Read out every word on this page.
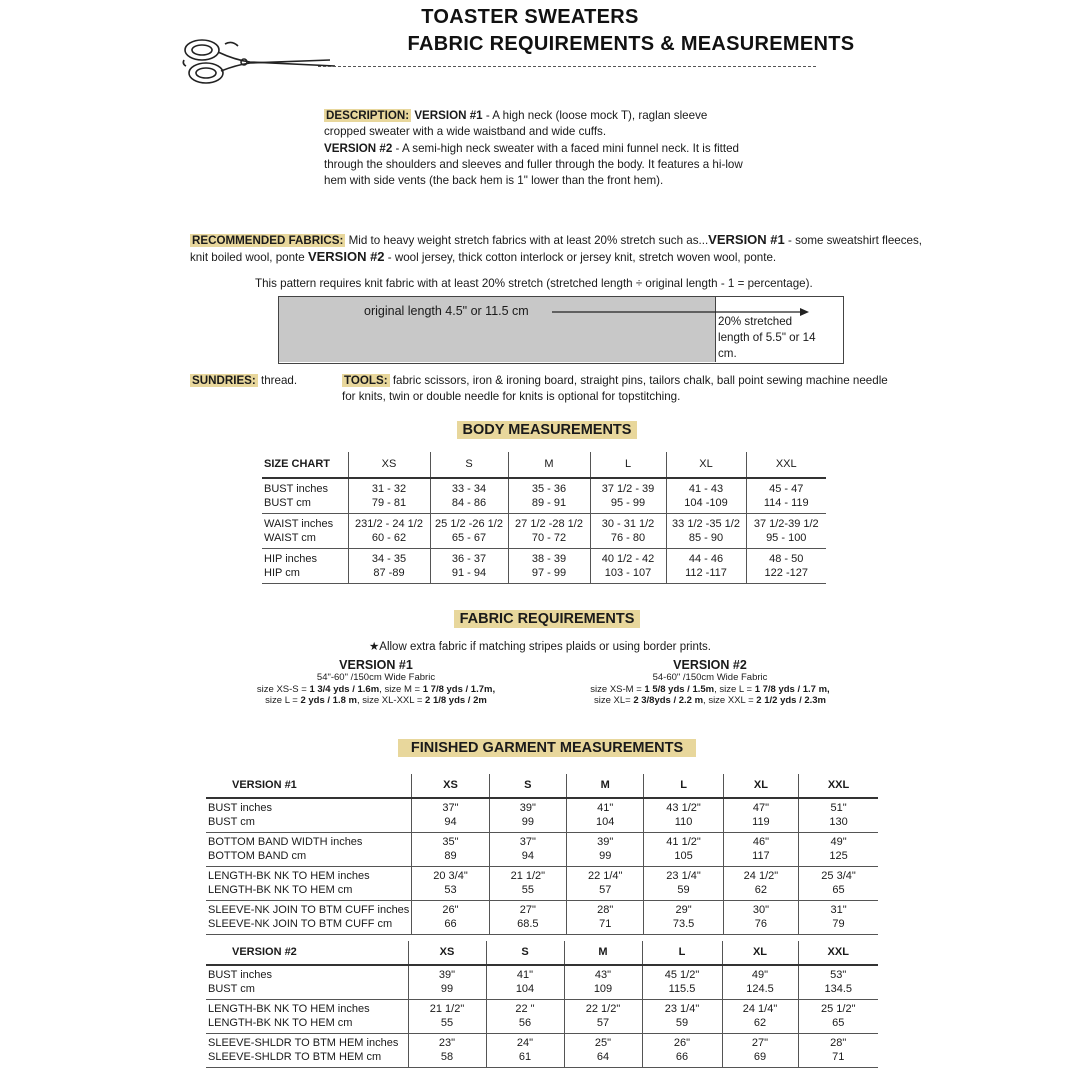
TOASTER SWEATERS
FABRIC REQUIREMENTS & MEASUREMENTS
DESCRIPTION: VERSION #1 - A high neck (loose mock T), raglan sleeve cropped sweater with a wide waistband and wide cuffs.
VERSION #2 - A semi-high neck sweater with a faced mini funnel neck. It is fitted through the shoulders and sleeves and fuller through the body. It features a hi-low hem with side vents (the back hem is 1" lower than the front hem).
RECOMMENDED FABRICS: Mid to heavy weight stretch fabrics with at least 20% stretch such as...VERSION #1 - some sweatshirt fleeces, knit boiled wool, ponte VERSION #2 - wool jersey, thick cotton interlock or jersey knit, stretch woven wool, ponte.
This pattern requires knit fabric with at least 20% stretch (stretched length ÷ original length - 1 = percentage).
original length 4.5" or 11.5 cm
20% stretched length of 5.5" or 14 cm.
SUNDRIES: thread.	TOOLS: fabric scissors, iron & ironing board, straight pins, tailors chalk, ball point sewing machine needle for knits, twin or double needle for knits is optional for topstitching.
BODY MEASUREMENTS
SIZE CHART	XS	S	M	L	XL	XXL
BUST inches	31 - 32	33 - 34	35 - 36	37 1/2 - 39	41 - 43	45 - 47
BUST cm	79 - 81	84 - 86	89 - 91	95 - 99	104 -109	114 - 119
WAIST inches	231/2 - 24 1/2	25 1/2 -26 1/2	27 1/2 -28 1/2	30 - 31 1/2	33 1/2 -35 1/2	37 1/2-39 1/2
WAIST cm	60 - 62	65 - 67	70 - 72	76 - 80	85 - 90	95 - 100
HIP inches	34 - 35	36 - 37	38 - 39	40 1/2 - 42	44 - 46	48 - 50
HIP cm	87 -89	91 - 94	97 - 99	103 - 107	112 -117	122 -127
FABRIC REQUIREMENTS
★Allow extra fabric if matching stripes plaids or using border prints.
VERSION #1
54"-60" /150cm Wide Fabric
size XS-S = 1 3/4 yds / 1.6m, size M = 1 7/8 yds / 1.7m,
size L = 2 yds / 1.8 m, size XL-XXL = 2 1/8 yds / 2m
VERSION #2
54-60" /150cm Wide Fabric
size XS-M = 1 5/8 yds / 1.5m, size L = 1 7/8 yds / 1.7 m,
size XL= 2 3/8yds / 2.2 m, size XXL = 2 1/2 yds / 2.3m
FINISHED GARMENT MEASUREMENTS
VERSION #1	XS	S	M	L	XL	XXL
BUST inches	37"	39"	41"	43 1/2"	47"	51"
BUST cm	94	99	104	110	119	130
BOTTOM BAND WIDTH inches	35"	37"	39"	41 1/2"	46"	49"
BOTTOM BAND cm	89	94	99	105	117	125
LENGTH-BK NK TO HEM inches	20 3/4"	21 1/2"	22 1/4"	23 1/4"	24 1/2"	25 3/4"
LENGTH-BK NK TO HEM cm	53	55	57	59	62	65
SLEEVE-NK JOIN TO BTM CUFF inches	26"	27"	28"	29"	30"	31"
SLEEVE-NK JOIN TO BTM CUFF cm	66	68.5	71	73.5	76	79
VERSION #2	XS	S	M	L	XL	XXL
BUST inches	39"	41"	43"	45 1/2"	49"	53"
BUST cm	99	104	109	115.5	124.5	134.5
LENGTH-BK NK TO HEM inches	21 1/2"	22 "	22 1/2"	23 1/4"	24 1/4"	25 1/2"
LENGTH-BK NK TO HEM cm	55	56	57	59	62	65
SLEEVE-SHLDR TO BTM HEM inches	23"	24"	25"	26"	27"	28"
SLEEVE-SHLDR TO BTM HEM cm	58	61	64	66	69	71
